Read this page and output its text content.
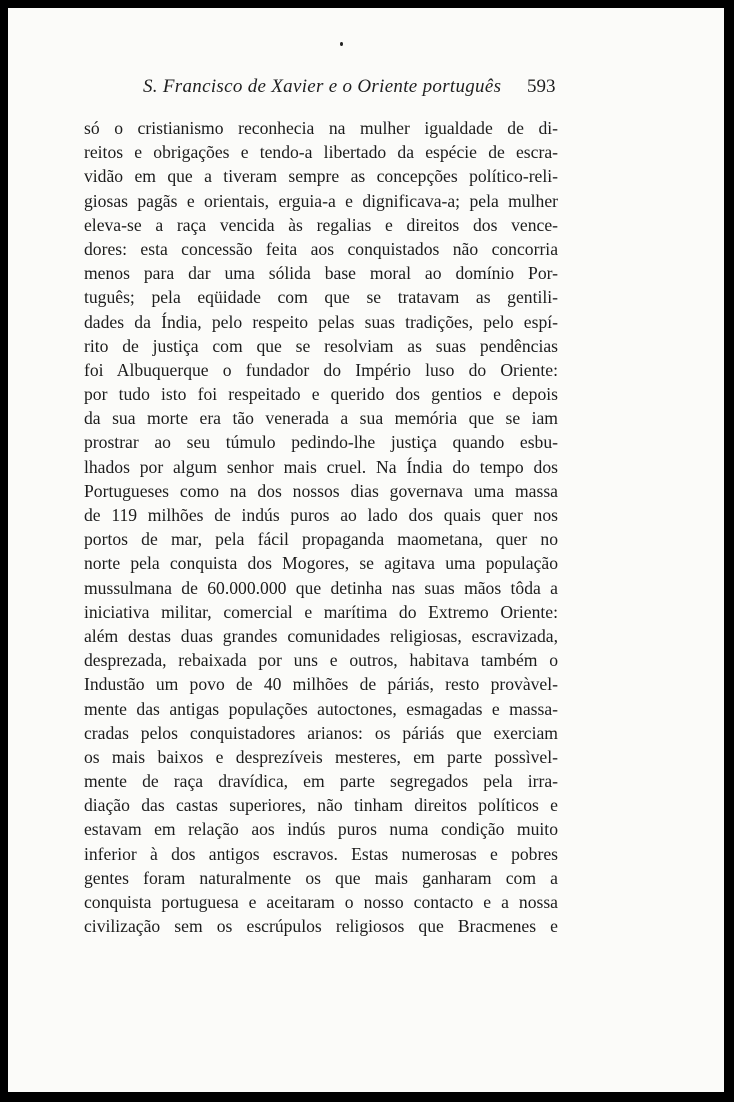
S. Francisco de Xavier e o Oriente português 593
só o cristianismo reconhecia na mulher igualdade de di-
reitos e obrigações e tendo-a libertado da espécie de escra-
vidão em que a tiveram sempre as concepções político-reli-
giosas pagãs e orientais, erguia-a e dignificava-a; pela mulher
eleva-se a raça vencida às regalias e direitos dos vence-
dores: esta concessão feita aos conquistados não concorria
menos para dar uma sólida base moral ao domínio Por-
tuguês; pela eqüidade com que se tratavam as gentili-
dades da Índia, pelo respeito pelas suas tradições, pelo espí-
rito de justiça com que se resolviam as suas pendências
foi Albuquerque o fundador do Império luso do Oriente:
por tudo isto foi respeitado e querido dos gentios e depois
da sua morte era tão venerada a sua memória que se iam
prostrar ao seu túmulo pedindo-lhe justiça quando esbu-
lhados por algum senhor mais cruel. Na Índia do tempo dos
Portugueses como na dos nossos dias governava uma massa
de 119 milhões de indús puros ao lado dos quais quer nos
portos de mar, pela fácil propaganda maometana, quer no
norte pela conquista dos Mogores, se agitava uma população
mussulmana de 60.000.000 que detinha nas suas mãos tôda a
iniciativa militar, comercial e marítima do Extremo Oriente:
além destas duas grandes comunidades religiosas, escravizada,
desprezada, rebaixada por uns e outros, habitava também o
Industão um povo de 40 milhões de páriás, resto provàvel-
mente das antigas populações autoctones, esmagadas e massa-
cradas pelos conquistadores arianos: os páriás que exerciam
os mais baixos e desprezíveis mesteres, em parte possìvel-
mente de raça dravídica, em parte segregados pela irra-
diação das castas superiores, não tinham direitos políticos e
estavam em relação aos indús puros numa condição muito
inferior à dos antigos escravos. Estas numerosas e pobres
gentes foram naturalmente os que mais ganharam com a
conquista portuguesa e aceitaram o nosso contacto e a nossa
civilização sem os escrúpulos religiosos que Bracmenes e
